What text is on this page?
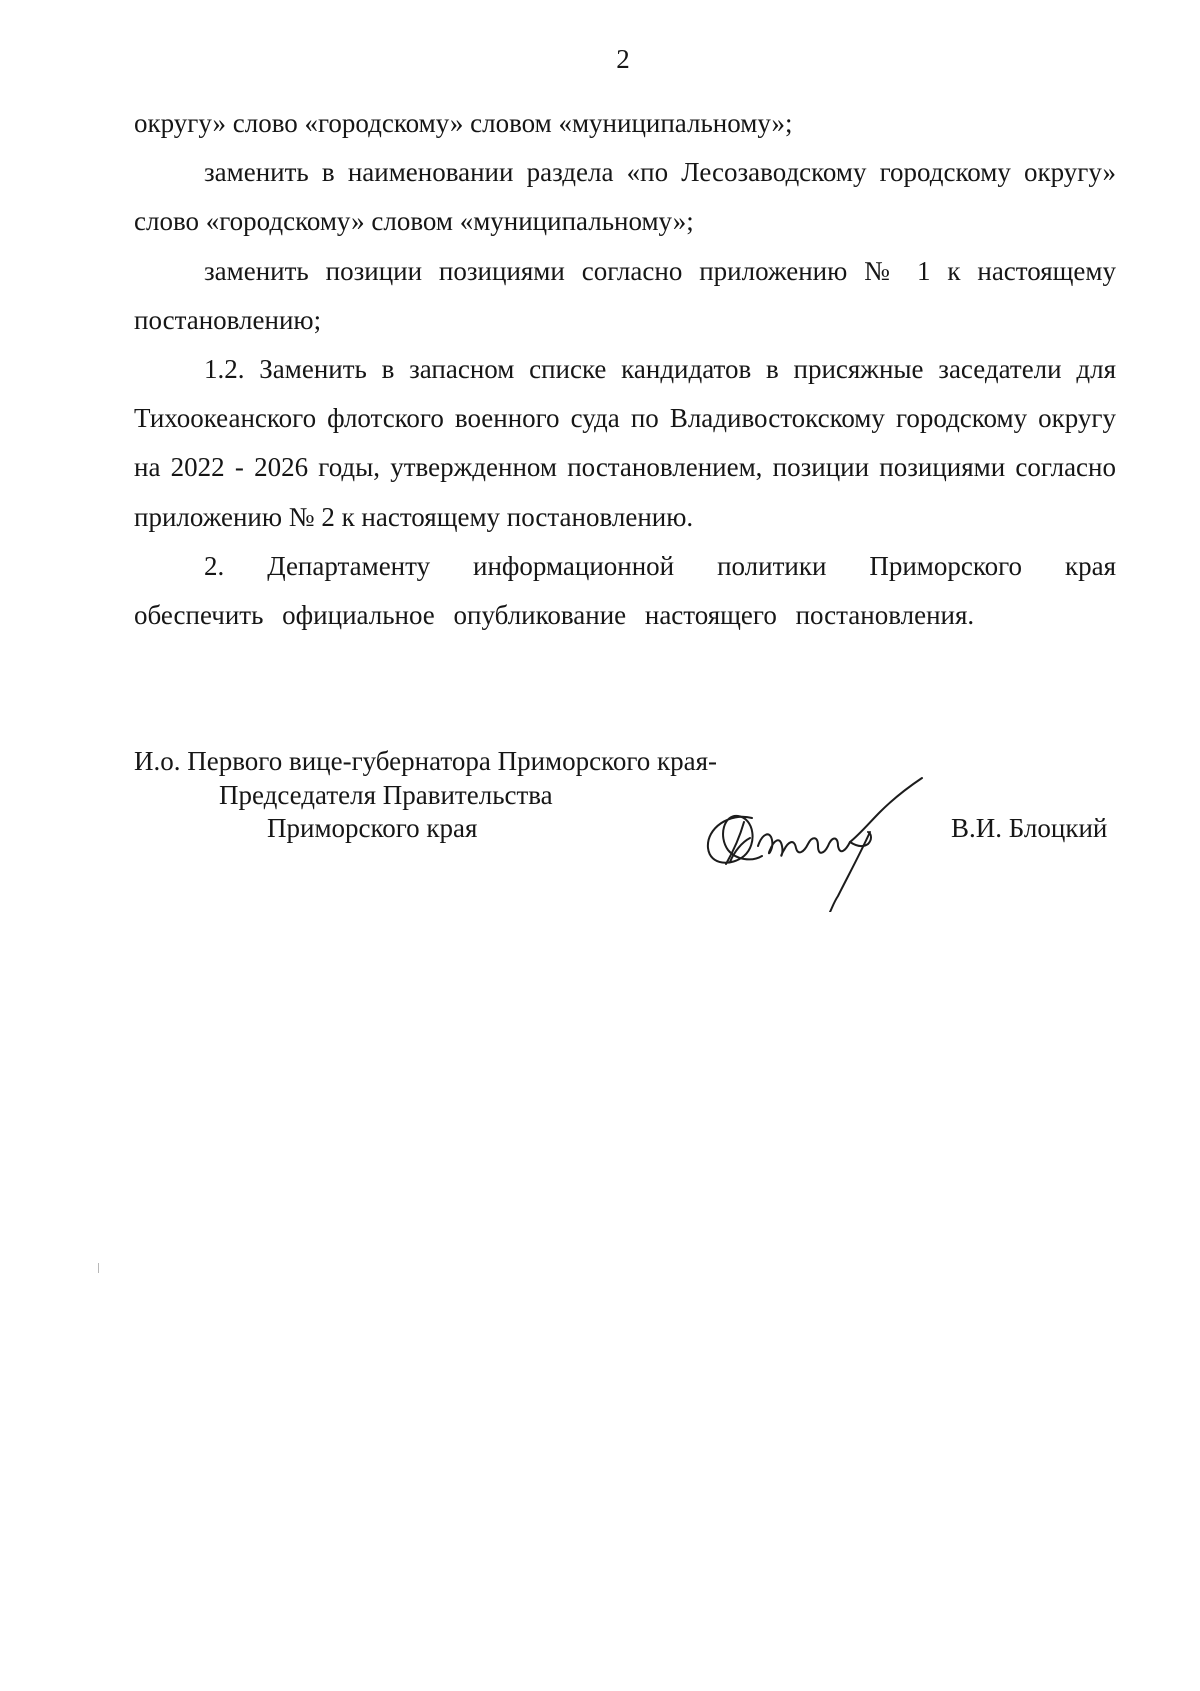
2

округу» слово «городскому» словом «муниципальному»;

заменить в наименовании раздела «по Лесозаводскому городскому округу» слово «городскому» словом «муниципальному»;

заменить позиции позициями согласно приложению № 1 к настоящему постановлению;

1.2. Заменить в запасном списке кандидатов в присяжные заседатели для Тихоокеанского флотского военного суда по Владивостокскому городскому округу на 2022 - 2026 годы, утвержденном постановлением, позиции позициями согласно приложению № 2 к настоящему постановлению.

2. Департаменту информационной политики Приморского края обеспечить официальное опубликование настоящего постановления.

И.о. Первого вице-губернатора Приморского края-
Председателя Правительства
Приморского края	В.И. Блоцкий
